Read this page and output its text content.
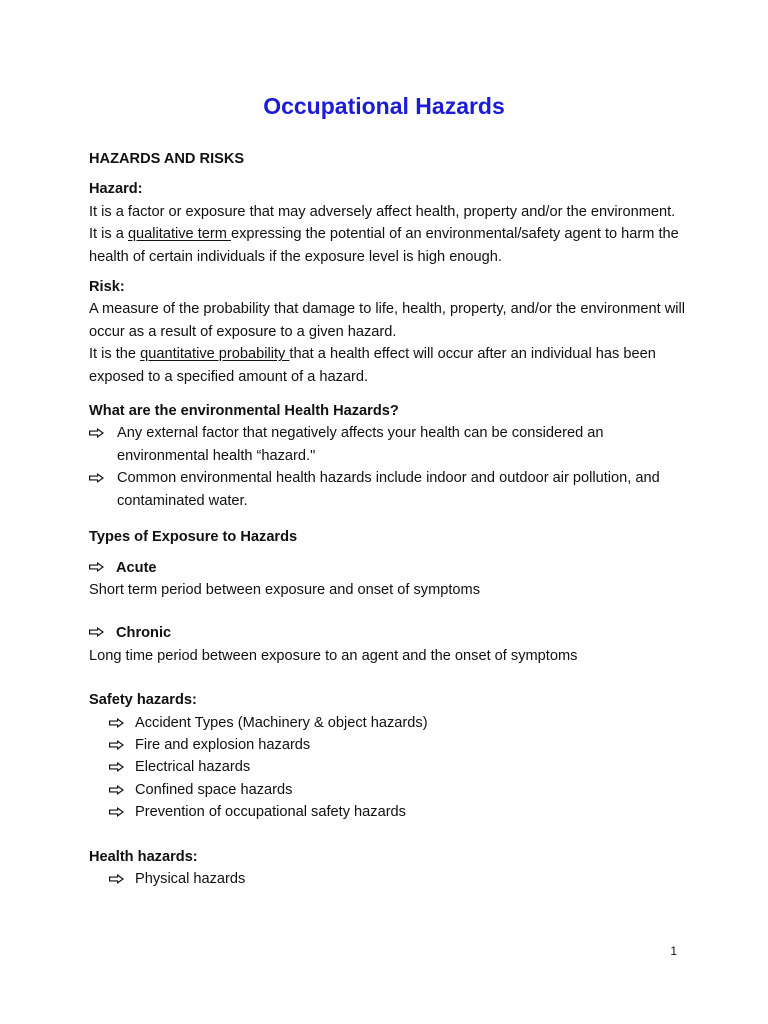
Occupational Hazards

HAZARDS AND RISKS

Hazard:

It is a factor or exposure that may adversely affect health, property and/or the environment.

It is a qualitative term expressing the potential of an environmental/safety agent to harm the health of certain individuals if the exposure level is high enough.

Risk:

A measure of the probability that damage to life, health, property, and/or the environment will occur as a result of exposure to a given hazard.

It is the quantitative probability that a health effect will occur after an individual has been exposed to a specified amount of a hazard.

What are the environmental Health Hazards?

Any external factor that negatively affects your health can be considered an environmental health “hazard."
Common environmental health hazards include indoor and outdoor air pollution, and contaminated water.

Types of Exposure to Hazards

Acute

Short term period between exposure and onset of symptoms

Chronic

Long time period between exposure to an agent and the onset of symptoms

Safety hazards:

Accident Types (Machinery & object hazards)
Fire and explosion hazards
Electrical hazards
Confined space hazards
Prevention of occupational safety hazards

Health hazards:

Physical hazards
1
